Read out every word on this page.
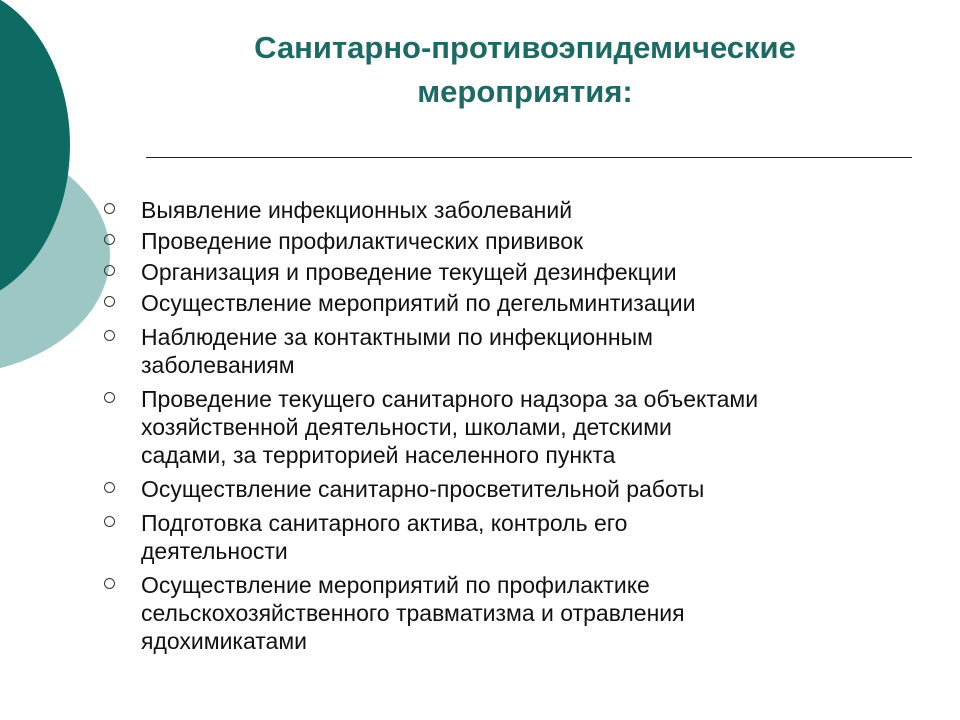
Санитарно-противоэпидемические
мероприятия:
Выявление инфекционных заболеваний
Проведение профилактических прививок
Организация и проведение текущей дезинфекции
Осуществление мероприятий по дегельминтизации
Наблюдение за контактными по инфекционным
заболеваниям
Проведение текущего санитарного надзора за объектами
хозяйственной деятельности, школами, детскими
садами, за территорией населенного пункта
Осуществление санитарно-просветительной работы
Подготовка санитарного актива, контроль его
деятельности
Осуществление мероприятий по профилактике
сельскохозяйственного травматизма и отравления
ядохимикатами
